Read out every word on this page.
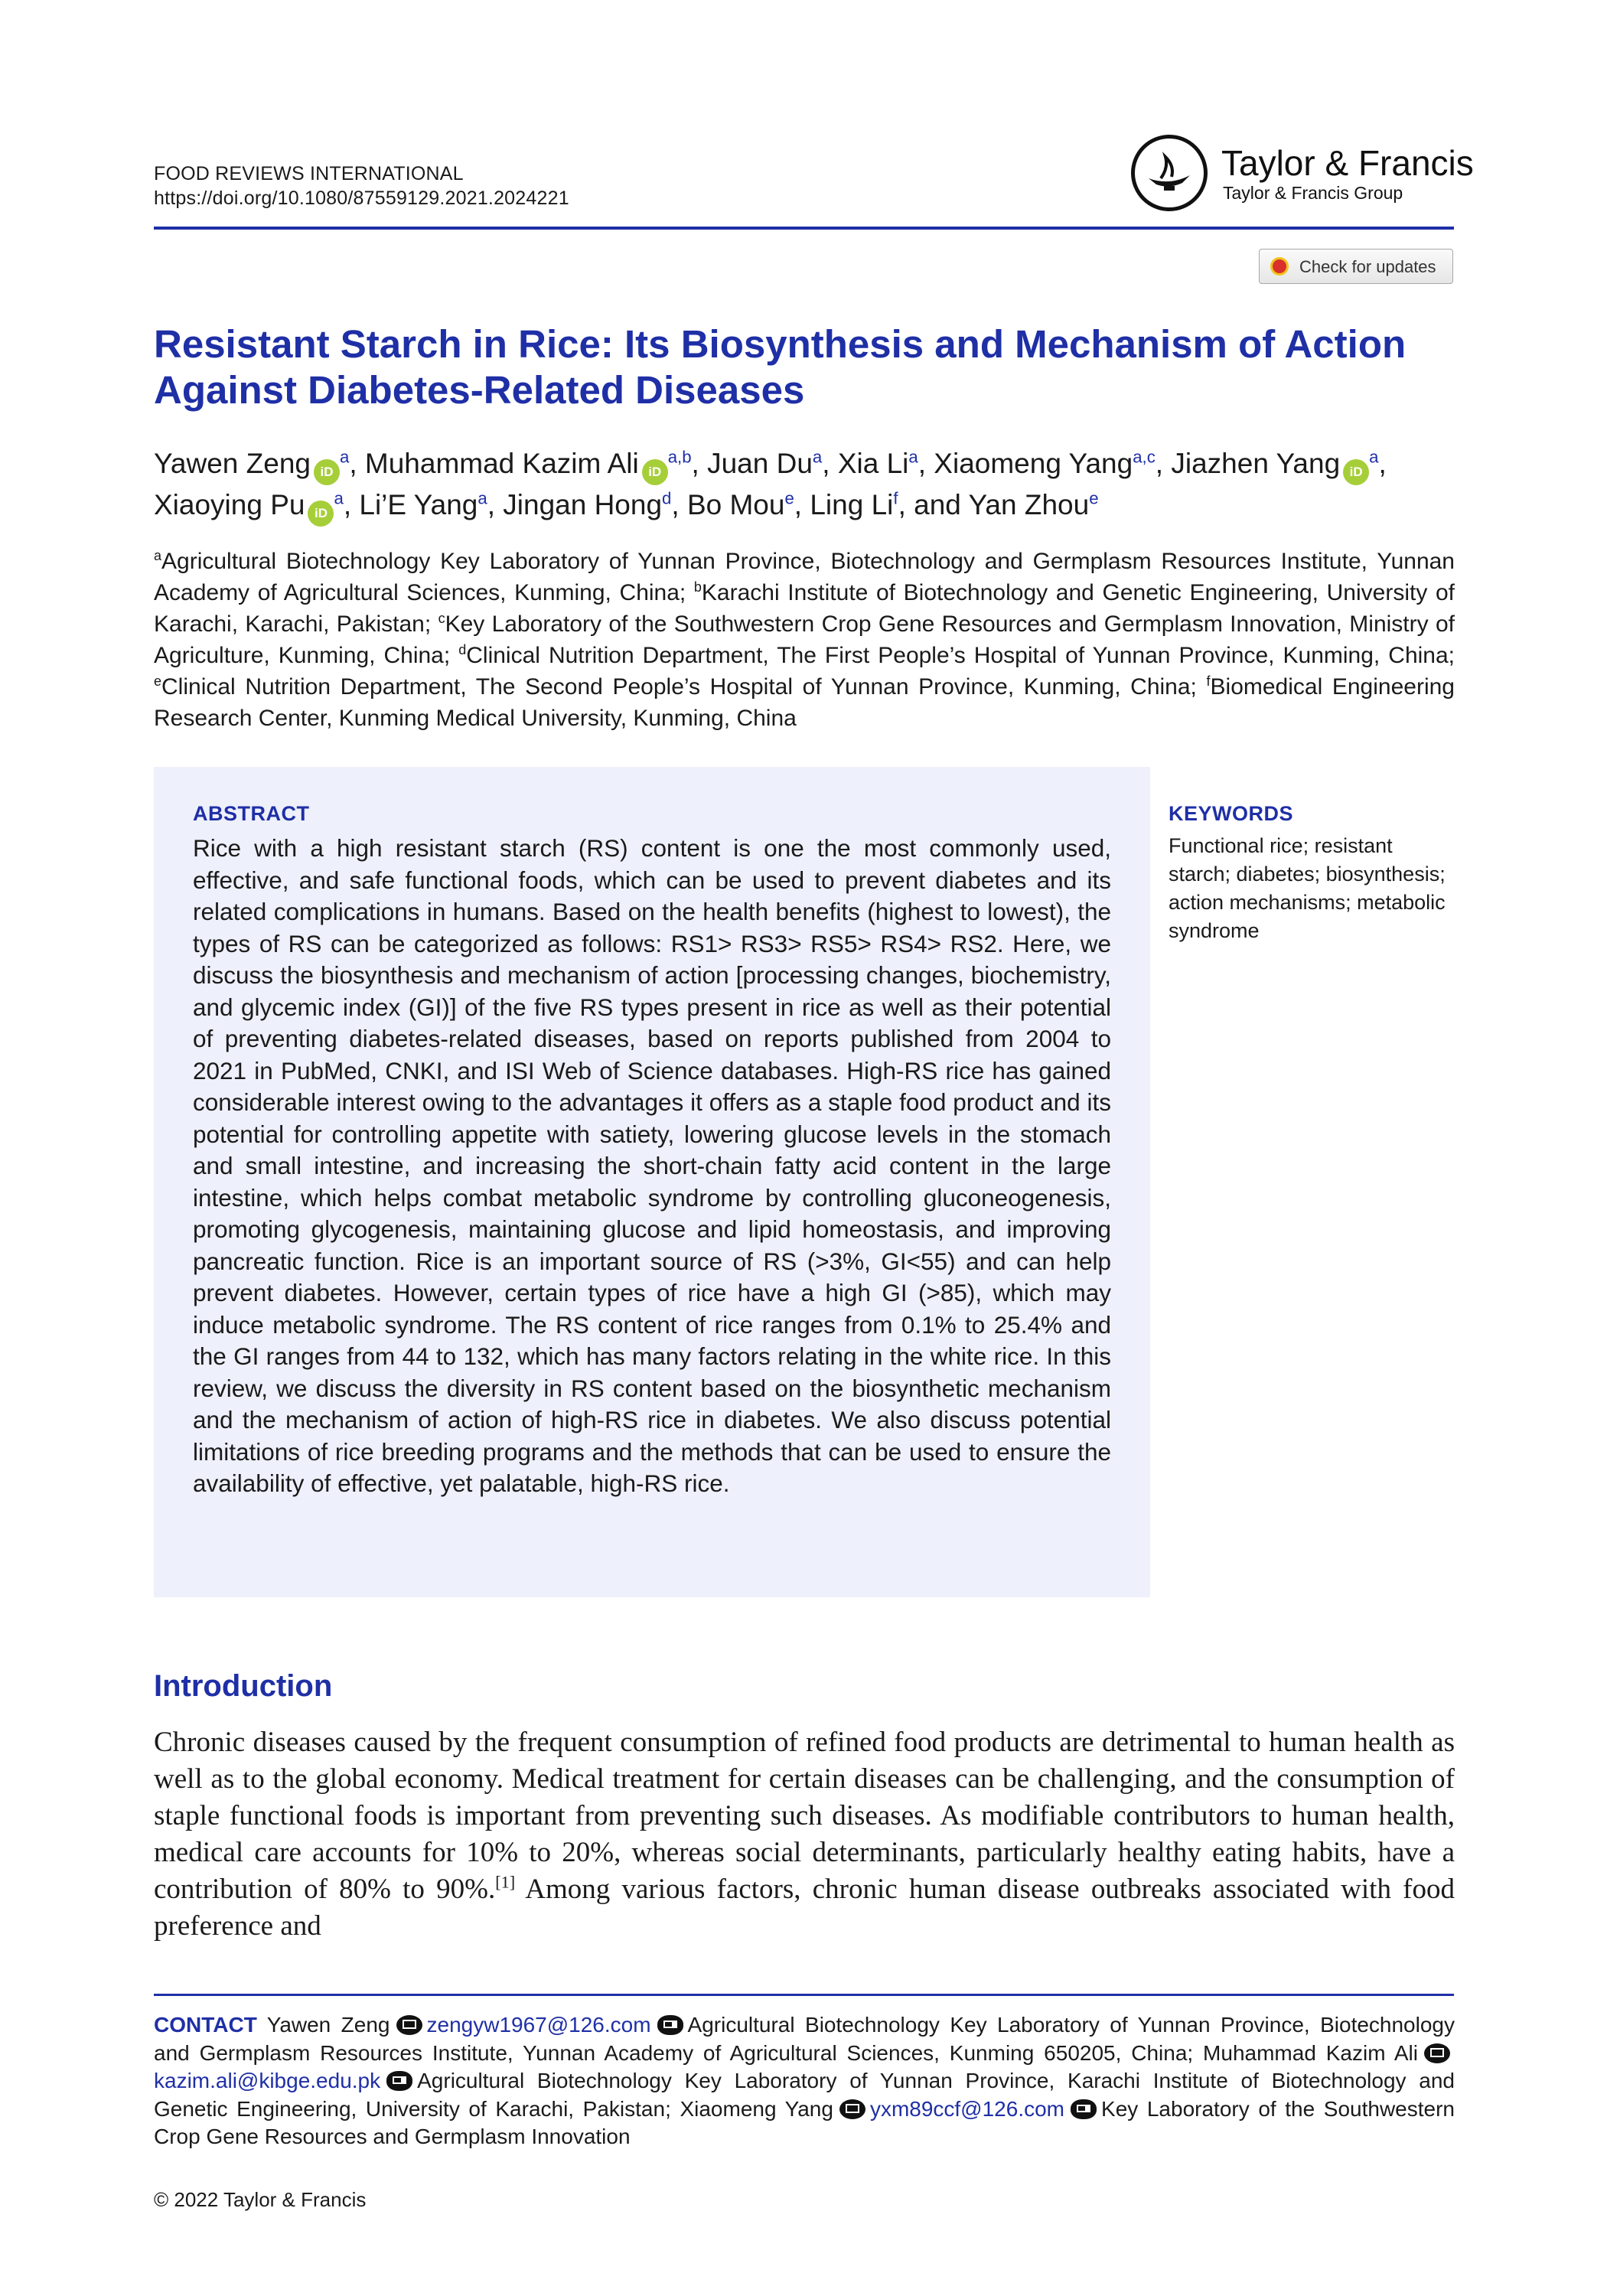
FOOD REVIEWS INTERNATIONAL
https://doi.org/10.1080/87559129.2021.2024221
Taylor & Francis
Taylor & Francis Group
Check for updates
Resistant Starch in Rice: Its Biosynthesis and Mechanism of Action Against Diabetes-Related Diseases
Yawen Zeng $iD^a$, Muhammad Kazim Ali iD$^{a,b}$, Juan Du$^a$, Xia Li$^a$, Xiaomeng Yang$^{a,c}$, Jiazhen Yang $iD^a$, Xiaoying Pu $iD^a$, Li’E Yang$^a$, Jingan Hong$^d$, Bo Mou$^e$, Ling Li$^f$, and Yan Zhou$^e$
$^a$Agricultural Biotechnology Key Laboratory of Yunnan Province, Biotechnology and Germplasm Resources Institute, Yunnan Academy of Agricultural Sciences, Kunming, China; $^b$Karachi Institute of Biotechnology and Genetic Engineering, University of Karachi, Karachi, Pakistan; $^c$Key Laboratory of the Southwestern Crop Gene Resources and Germplasm Innovation, Ministry of Agriculture, Kunming, China; $^d$Clinical Nutrition Department, The First People’s Hospital of Yunnan Province, Kunming, China; $^e$Clinical Nutrition Department, The Second People’s Hospital of Yunnan Province, Kunming, China; $^f$Biomedical Engineering Research Center, Kunming Medical University, Kunming, China
ABSTRACT
Rice with a high resistant starch (RS) content is one the most commonly used, effective, and safe functional foods, which can be used to prevent diabetes and its related complications in humans. Based on the health benefits (highest to lowest), the types of RS can be categorized as follows: RS1> RS3> RS5> RS4> RS2. Here, we discuss the biosynthesis and mechanism of action [processing changes, biochemistry, and glycemic index (GI)] of the five RS types present in rice as well as their potential of preventing diabetes-related diseases, based on reports published from 2004 to 2021 in PubMed, CNKI, and ISI Web of Science databases. High-RS rice has gained considerable interest owing to the advantages it offers as a staple food product and its potential for controlling appetite with satiety, lowering glucose levels in the stomach and small intestine, and increasing the short-chain fatty acid content in the large intestine, which helps combat metabolic syndrome by controlling gluconeogenesis, promoting glycogenesis, maintaining glucose and lipid homeostasis, and improving pancreatic function. Rice is an important source of RS (>3%, GI<55) and can help prevent diabetes. However, certain types of rice have a high GI (>85), which may induce metabolic syndrome. The RS content of rice ranges from 0.1% to 25.4% and the GI ranges from 44 to 132, which has many factors relating in the white rice. In this review, we discuss the diversity in RS content based on the biosynthetic mechanism and the mechanism of action of high-RS rice in diabetes. We also discuss potential limitations of rice breeding programs and the methods that can be used to ensure the availability of effective, yet palatable, high-RS rice.
KEYWORDS
Functional rice; resistant starch; diabetes; biosynthesis; action mechanisms; metabolic syndrome
Introduction
Chronic diseases caused by the frequent consumption of refined food products are detrimental to human health as well as to the global economy. Medical treatment for certain diseases can be challenging, and the consumption of staple functional foods is important from preventing such diseases. As modifiable contributors to human health, medical care accounts for 10% to 20%, whereas social determinants, particularly healthy eating habits, have a contribution of 80% to 90%.[1] Among various factors, chronic human disease outbreaks associated with food preference and
CONTACT Yawen Zeng zengyw1967@126.com Agricultural Biotechnology Key Laboratory of Yunnan Province, Biotechnology and Germplasm Resources Institute, Yunnan Academy of Agricultural Sciences, Kunming 650205, China; Muhammad Kazim Alikazim.ali@kibge.edu.pk Agricultural Biotechnology Key Laboratory of Yunnan Province, Karachi Institute of Biotechnology and Genetic Engineering, University of Karachi, Pakistan; Xiaomeng Yang yxm89ccf@126.com Key Laboratory of the Southwestern Crop Gene Resources and Germplasm Innovation
© 2022 Taylor & Francis
